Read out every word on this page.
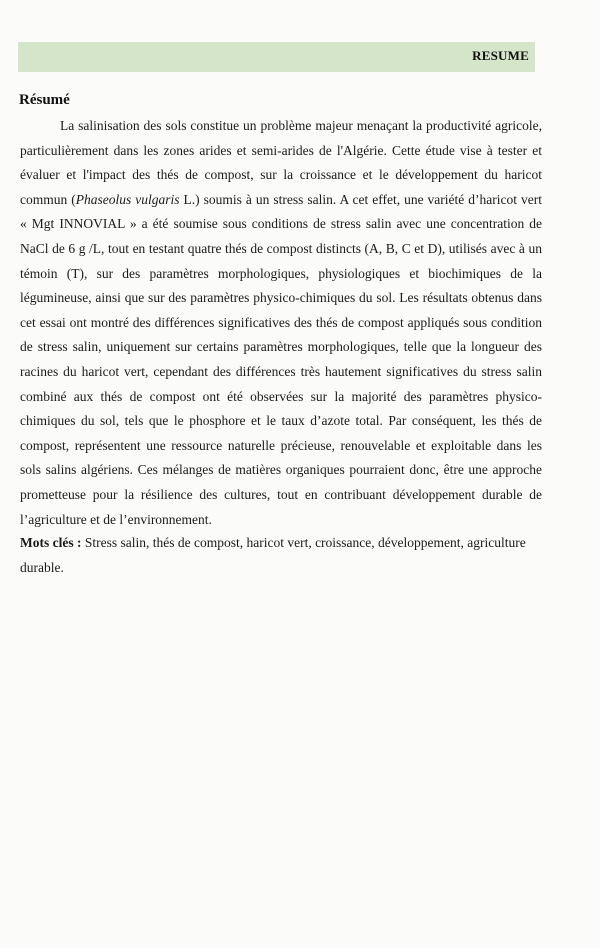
RESUME
Résumé

La salinisation des sols constitue un problème majeur menaçant la productivité agricole, particulièrement dans les zones arides et semi-arides de l'Algérie. Cette étude vise à tester et évaluer et l'impact des thés de compost, sur la croissance et le développement du haricot commun (Phaseolus vulgaris L.) soumis à un stress salin. A cet effet, une variété d’haricot vert « Mgt INNOVIAL » a été soumise sous conditions de stress salin avec une concentration de NaCl de 6 g /L, tout en testant quatre thés de compost distincts (A, B, C et D), utilisés avec à un témoin (T), sur des paramètres morphologiques, physiologiques et biochimiques de la légumineuse, ainsi que sur des paramètres physico-chimiques du sol. Les résultats obtenus dans cet essai ont montré des différences significatives des thés de compost appliqués sous condition de stress salin, uniquement sur certains paramètres morphologiques, telle que la longueur des racines du haricot vert, cependant des différences très hautement significatives du stress salin combiné aux thés de compost ont été observées sur la majorité des paramètres physico-chimiques du sol, tels que le phosphore et le taux d’azote total. Par conséquent, les thés de compost, représentent une ressource naturelle précieuse, renouvelable et exploitable dans les sols salins algériens. Ces mélanges de matières organiques pourraient donc, être une approche prometteuse pour la résilience des cultures, tout en contribuant développement durable de l’agriculture et de l’environnement.

Mots clés : Stress salin, thés de compost, haricot vert, croissance, développement, agriculture durable.
